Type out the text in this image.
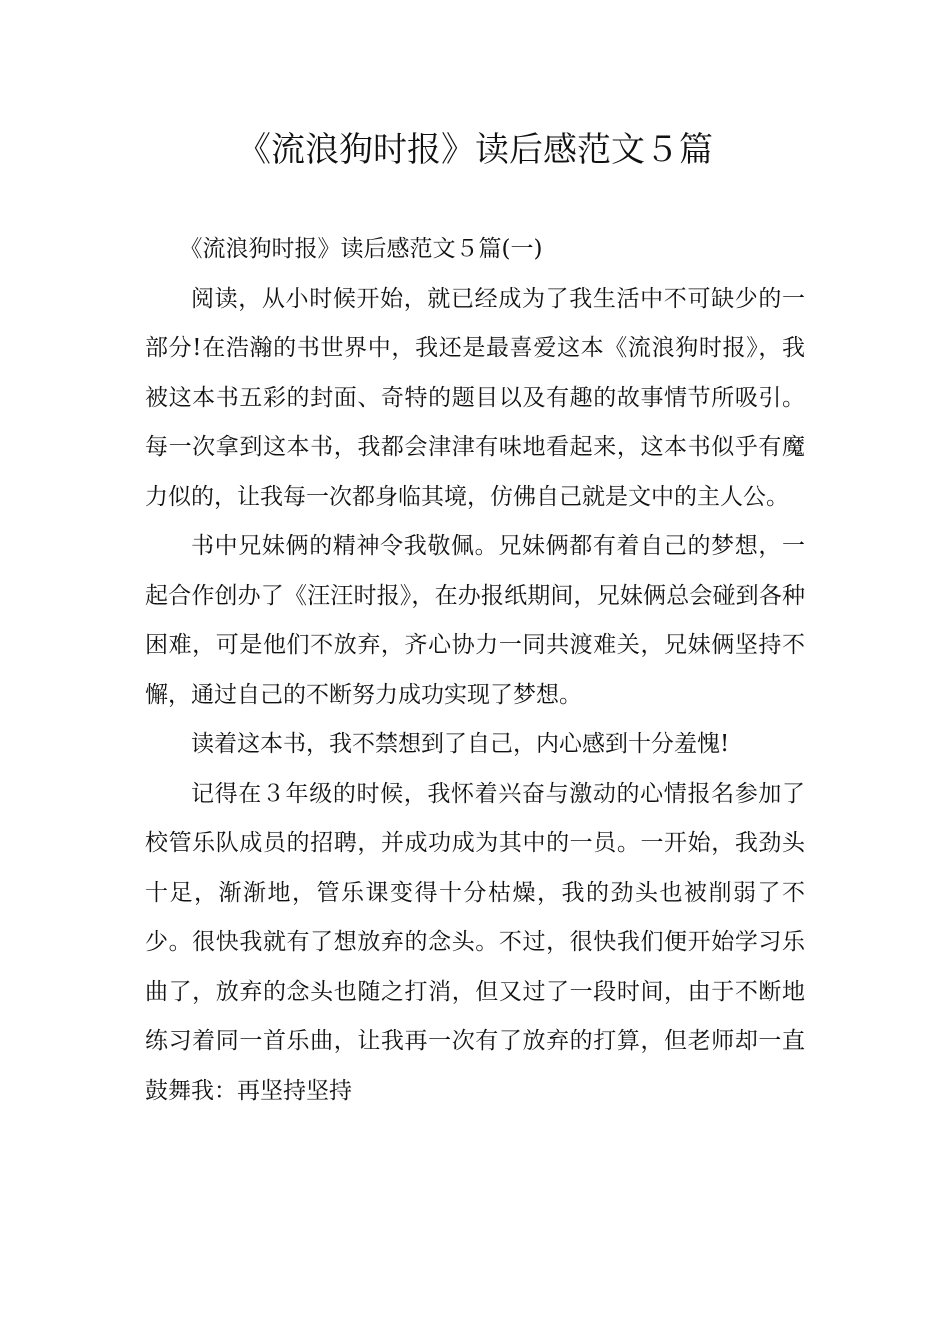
《流浪狗时报》读后感范文５篇

《流浪狗时报》读后感范文５篇(一)

阅读，从小时候开始，就已经成为了我生活中不可缺少的一部分!在浩瀚的书世界中，我还是最喜爱这本《流浪狗时报》，我被这本书五彩的封面、奇特的题目以及有趣的故事情节所吸引。每一次拿到这本书，我都会津津有味地看起来，这本书似乎有魔力似的，让我每一次都身临其境，仿佛自己就是文中的主人公。

书中兄妹俩的精神令我敬佩。兄妹俩都有着自己的梦想，一起合作创办了《汪汪时报》，在办报纸期间，兄妹俩总会碰到各种困难，可是他们不放弃，齐心协力一同共渡难关，兄妹俩坚持不懈，通过自己的不断努力成功实现了梦想。

读着这本书，我不禁想到了自己，内心感到十分羞愧!

记得在３年级的时候，我怀着兴奋与激动的心情报名参加了校管乐队成员的招聘，并成功成为其中的一员。一开始，我劲头十足，渐渐地，管乐课变得十分枯燥，我的劲头也被削弱了不少。很快我就有了想放弃的念头。不过，很快我们便开始学习乐曲了，放弃的念头也随之打消，但又过了一段时间，由于不断地练习着同一首乐曲，让我再一次有了放弃的打算，但老师却一直鼓舞我：再坚持坚持
